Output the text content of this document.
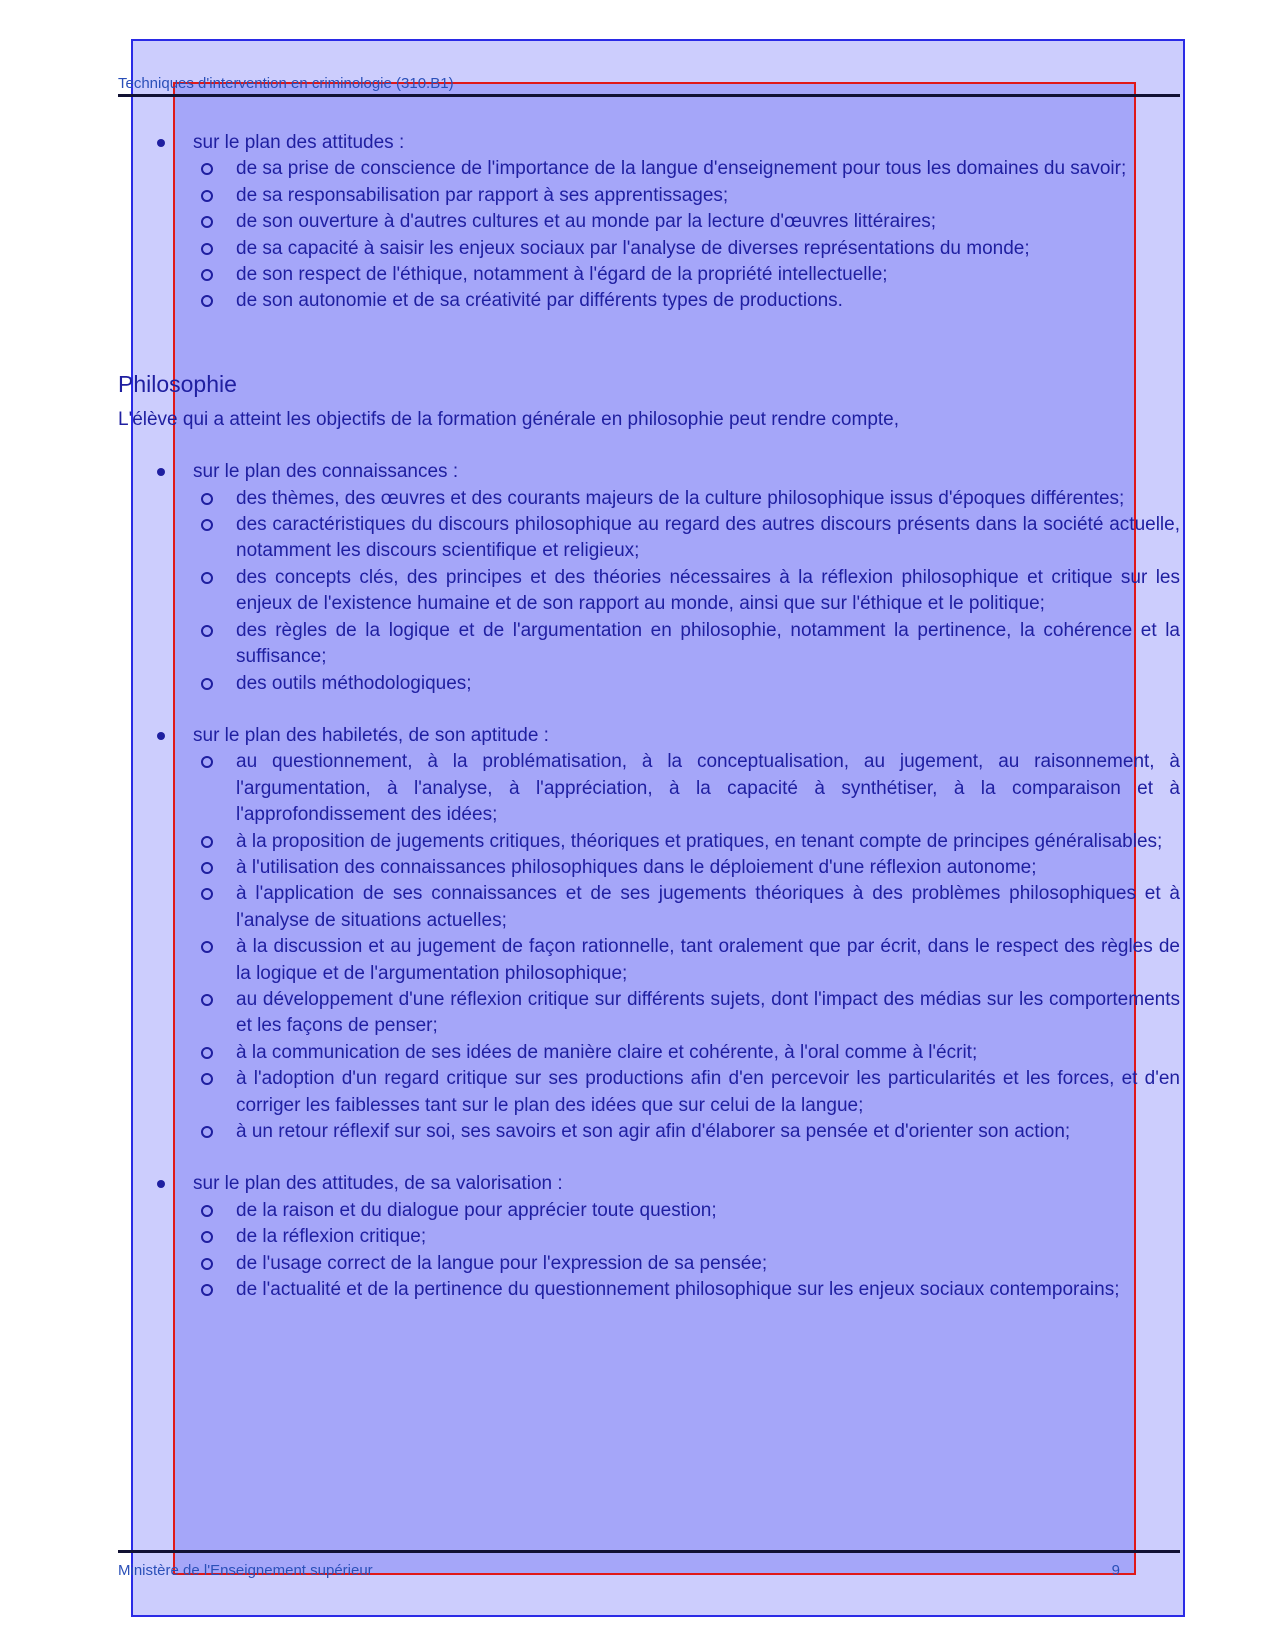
Techniques d'intervention en criminologie (310.B1)
sur le plan des attitudes :
de sa prise de conscience de l'importance de la langue d'enseignement pour tous les domaines du savoir;
de sa responsabilisation par rapport à ses apprentissages;
de son ouverture à d'autres cultures et au monde par la lecture d'œuvres littéraires;
de sa capacité à saisir les enjeux sociaux par l'analyse de diverses représentations du monde;
de son respect de l'éthique, notamment à l'égard de la propriété intellectuelle;
de son autonomie et de sa créativité par différents types de productions.
Philosophie
L'élève qui a atteint les objectifs de la formation générale en philosophie peut rendre compte,
sur le plan des connaissances :
des thèmes, des œuvres et des courants majeurs de la culture philosophique issus d'époques différentes;
des caractéristiques du discours philosophique au regard des autres discours présents dans la société actuelle, notamment les discours scientifique et religieux;
des concepts clés, des principes et des théories nécessaires à la réflexion philosophique et critique sur les enjeux de l'existence humaine et de son rapport au monde, ainsi que sur l'éthique et le politique;
des règles de la logique et de l'argumentation en philosophie, notamment la pertinence, la cohérence et la suffisance;
des outils méthodologiques;
sur le plan des habiletés, de son aptitude :
au questionnement, à la problématisation, à la conceptualisation, au jugement, au raisonnement, à l'argumentation, à l'analyse, à l'appréciation, à la capacité à synthétiser, à la comparaison et à l'approfondissement des idées;
à la proposition de jugements critiques, théoriques et pratiques, en tenant compte de principes généralisables;
à l'utilisation des connaissances philosophiques dans le déploiement d'une réflexion autonome;
à l'application de ses connaissances et de ses jugements théoriques à des problèmes philosophiques et à l'analyse de situations actuelles;
à la discussion et au jugement de façon rationnelle, tant oralement que par écrit, dans le respect des règles de la logique et de l'argumentation philosophique;
au développement d'une réflexion critique sur différents sujets, dont l'impact des médias sur les comportements et les façons de penser;
à la communication de ses idées de manière claire et cohérente, à l'oral comme à l'écrit;
à l'adoption d'un regard critique sur ses productions afin d'en percevoir les particularités et les forces, et d'en corriger les faiblesses tant sur le plan des idées que sur celui de la langue;
à un retour réflexif sur soi, ses savoirs et son agir afin d'élaborer sa pensée et d'orienter son action;
sur le plan des attitudes, de sa valorisation :
de la raison et du dialogue pour apprécier toute question;
de la réflexion critique;
de l'usage correct de la langue pour l'expression de sa pensée;
de l'actualité et de la pertinence du questionnement philosophique sur les enjeux sociaux contemporains;
Ministère de l'Enseignement supérieur	9
